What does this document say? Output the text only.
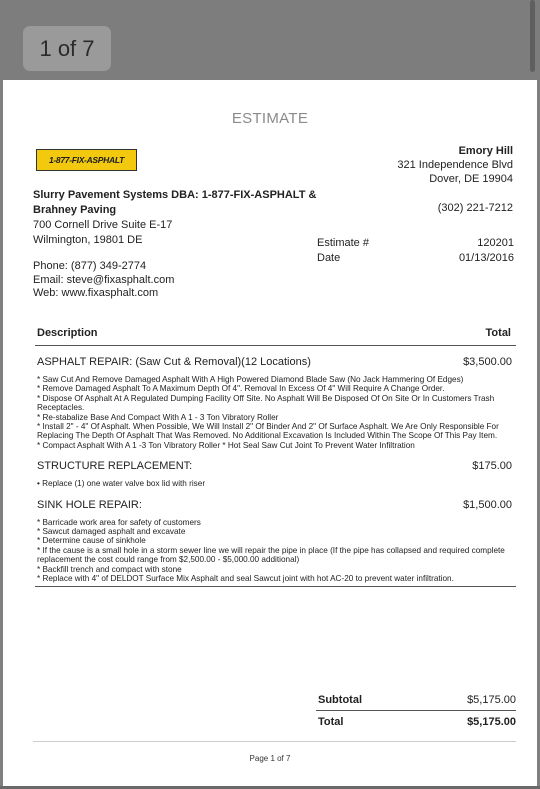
1 of 7
ESTIMATE
1-877-FIX-ASPHALT
Emory Hill
321 Independence Blvd
Dover, DE 19904
Slurry Pavement Systems DBA: 1-877-FIX-ASPHALT & Brahney Paving
700 Cornell Drive Suite E-17
Wilmington, 19801 DE
(302) 221-7212
Estimate #	120201
Date	01/13/2016
Phone: (877) 349-2774
Email: steve@fixasphalt.com
Web: www.fixasphalt.com
Description	Total
ASPHALT REPAIR: (Saw Cut & Removal)(12 Locations)	$3,500.00
* Saw Cut And Remove Damaged Asphalt With A High Powered Diamond Blade Saw (No Jack Hammering Of Edges)
* Remove Damaged Asphalt To A Maximum Depth Of 4". Removal In Excess Of 4" Will Require A Change Order.
* Dispose Of Asphalt At A Regulated Dumping Facility Off Site. No Asphalt Will Be Disposed Of On Site Or In Customers Trash Receptacles.
* Re-stabalize Base And Compact With A 1 - 3 Ton Vibratory Roller
* Install 2" - 4" Of Asphalt. When Possible, We Will Install 2" Of Binder And 2" Of Surface Asphalt. We Are Only Responsible For Replacing The Depth Of Asphalt That Was Removed. No Additional Excavation Is Included Within The Scope Of This Pay Item.
* Compact Asphalt With A 1 -3 Ton Vibratory Roller * Hot Seal Saw Cut Joint To Prevent Water Infiltration
STRUCTURE REPLACEMENT:	$175.00
• Replace (1) one water valve box lid with riser
SINK HOLE REPAIR:	$1,500.00
* Barricade work area for safety of customers
* Sawcut damaged asphalt and excavate
* Determine cause of sinkhole
* If the cause is a small hole in a storm sewer line we will repair the pipe in place (If the pipe has collapsed and required complete replacement the cost could range from $2,500.00 - $5,000.00 additional)
* Backfill trench and compact with stone
* Replace with 4" of DELDOT Surface Mix Asphalt and seal Sawcut joint with hot AC-20 to prevent water infiltration.
Subtotal	$5,175.00
Total	$5,175.00
Page 1 of 7
